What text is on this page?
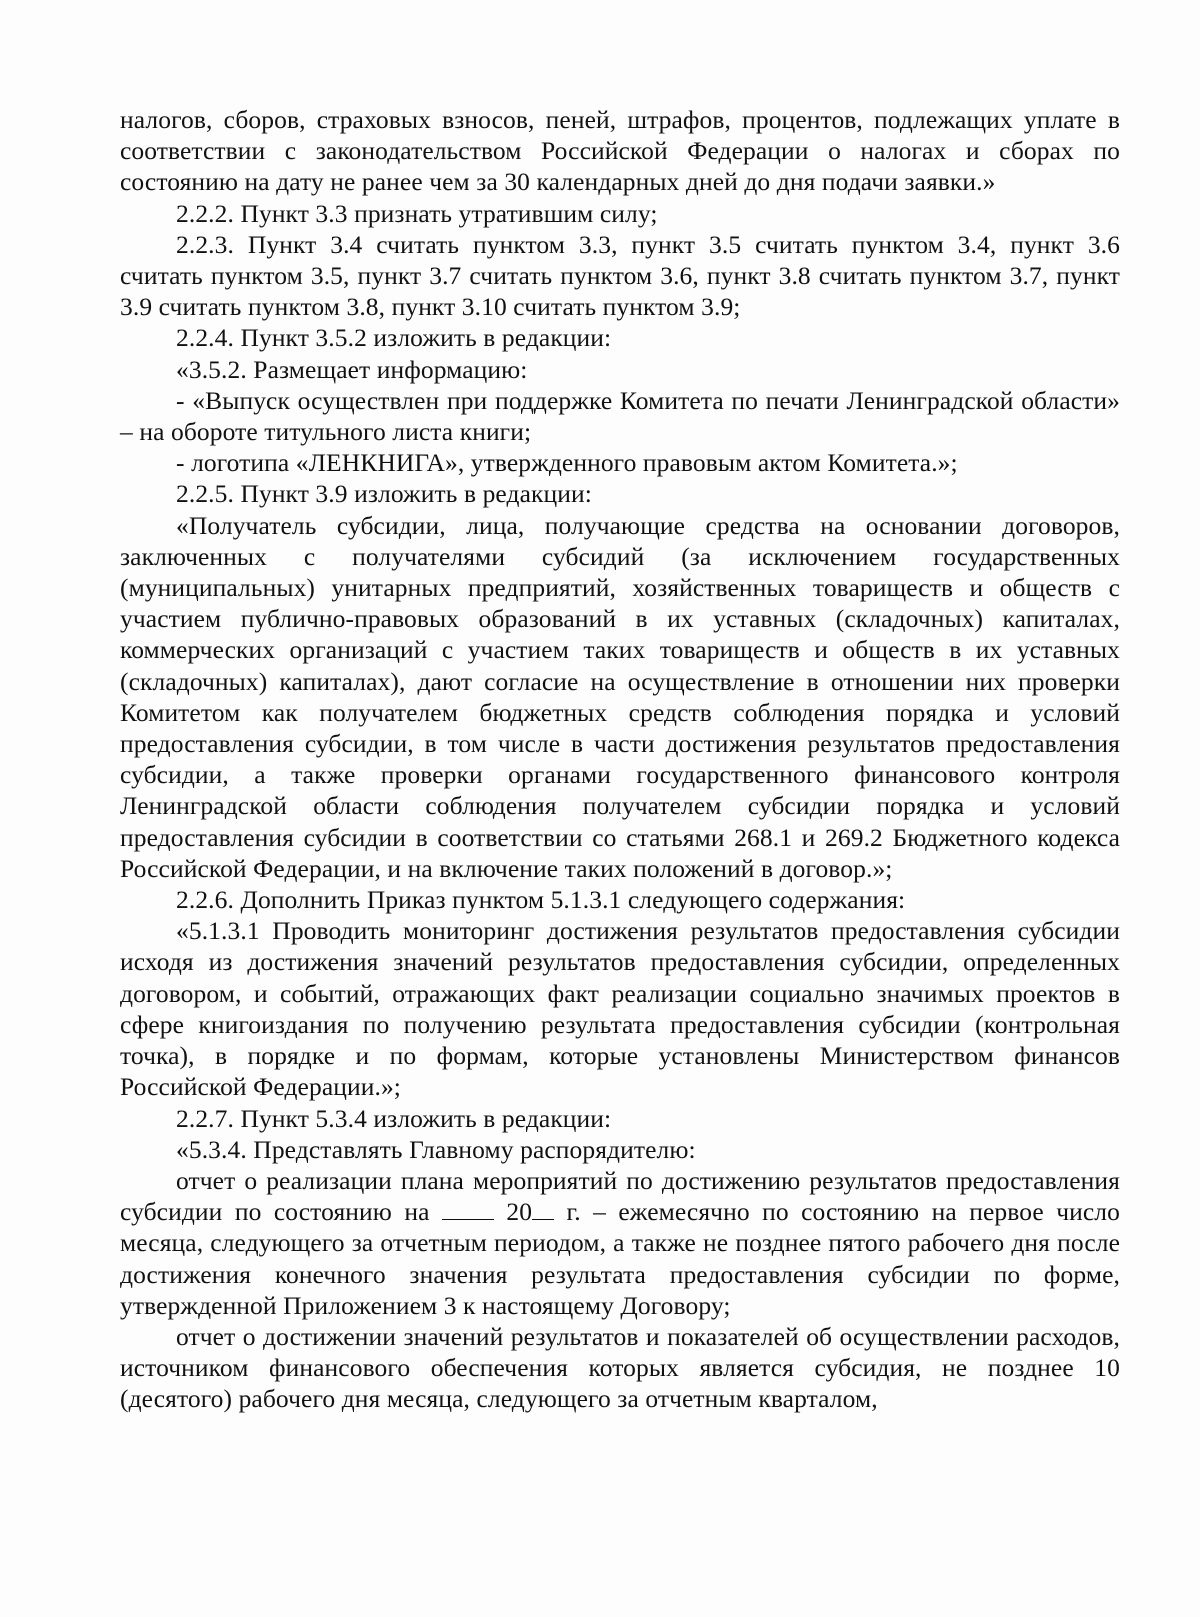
налогов, сборов, страховых взносов, пеней, штрафов, процентов, подлежащих уплате в соответствии с законодательством Российской Федерации о налогах и сборах по состоянию на дату не ранее чем за 30 календарных дней до дня подачи заявки.»

2.2.2. Пункт 3.3 признать утратившим силу;

2.2.3. Пункт 3.4 считать пунктом 3.3, пункт 3.5 считать пунктом 3.4, пункт 3.6 считать пунктом 3.5, пункт 3.7 считать пунктом 3.6, пункт 3.8 считать пунктом 3.7, пункт 3.9 считать пунктом 3.8, пункт 3.10 считать пунктом 3.9;

2.2.4. Пункт 3.5.2 изложить в редакции:

«3.5.2. Размещает информацию:

- «Выпуск осуществлен при поддержке Комитета по печати Ленинградской области» – на обороте титульного листа книги;

- логотипа «ЛЕНКНИГА», утвержденного правовым актом Комитета.»;

2.2.5. Пункт 3.9 изложить в редакции:

«Получатель субсидии, лица, получающие средства на основании договоров, заключенных с получателями субсидий (за исключением государственных (муниципальных) унитарных предприятий, хозяйственных товариществ и обществ с участием публично-правовых образований в их уставных (складочных) капиталах, коммерческих организаций с участием таких товариществ и обществ в их уставных (складочных) капиталах), дают согласие на осуществление в отношении них проверки Комитетом как получателем бюджетных средств соблюдения порядка и условий предоставления субсидии, в том числе в части достижения результатов предоставления субсидии, а также проверки органами государственного финансового контроля Ленинградской области соблюдения получателем субсидии порядка и условий предоставления субсидии в соответствии со статьями 268.1 и 269.2 Бюджетного кодекса Российской Федерации, и на включение таких положений в договор.»;

2.2.6. Дополнить Приказ пунктом 5.1.3.1 следующего содержания:

«5.1.3.1 Проводить мониторинг достижения результатов предоставления субсидии исходя из достижения значений результатов предоставления субсидии, определенных договором, и событий, отражающих факт реализации социально значимых проектов в сфере книгоиздания по получению результата предоставления субсидии (контрольная точка), в порядке и по формам, которые установлены Министерством финансов Российской Федерации.»;

2.2.7. Пункт 5.3.4 изложить в редакции:

«5.3.4. Представлять Главному распорядителю:

отчет о реализации плана мероприятий по достижению результатов предоставления субсидии по состоянию на  20 г. – ежемесячно по состоянию на первое число месяца, следующего за отчетным периодом, а также не позднее пятого рабочего дня после достижения конечного значения результата предоставления субсидии по форме, утвержденной Приложением 3 к настоящему Договору;

отчет о достижении значений результатов и показателей об осуществлении расходов, источником финансового обеспечения которых является субсидия, не позднее 10 (десятого) рабочего дня месяца, следующего за отчетным кварталом,
